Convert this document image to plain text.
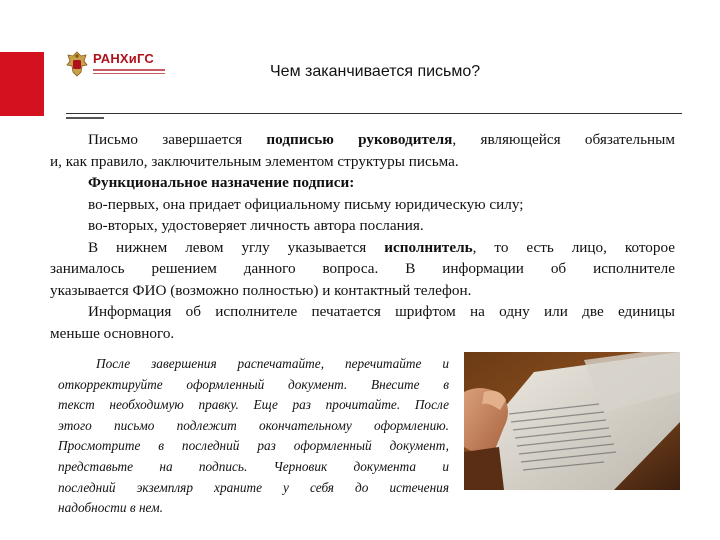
РАНХиГС
Чем заканчивается письмо?

Письмо завершается подписью руководителя, являющейся обязательным

и, как правило, заключительным элементом структуры письма.

Функциональное назначение подписи:

во-первых, она придает официальному письму юридическую силу;

во-вторых, удостоверяет личность автора послания.

В нижнем левом углу указывается исполнитель, то есть лицо, которое

занималось решением данного вопроса. В информации об исполнителе

указывается ФИО (возможно полностью) и контактный телефон.

Информация об исполнителе печатается шрифтом на одну или две единицы

меньше основного.

После завершения распечатайте, перечитайте и

откорректируйте оформленный документ. Внесите в

текст необходимую правку. Еще раз прочитайте. После

этого письмо подлежит окончательному оформлению.

Просмотрите в последний раз оформленный документ,

представьте на подпись. Черновик документа и

последний экземпляр храните у себя до истечения

надобности в нем.
